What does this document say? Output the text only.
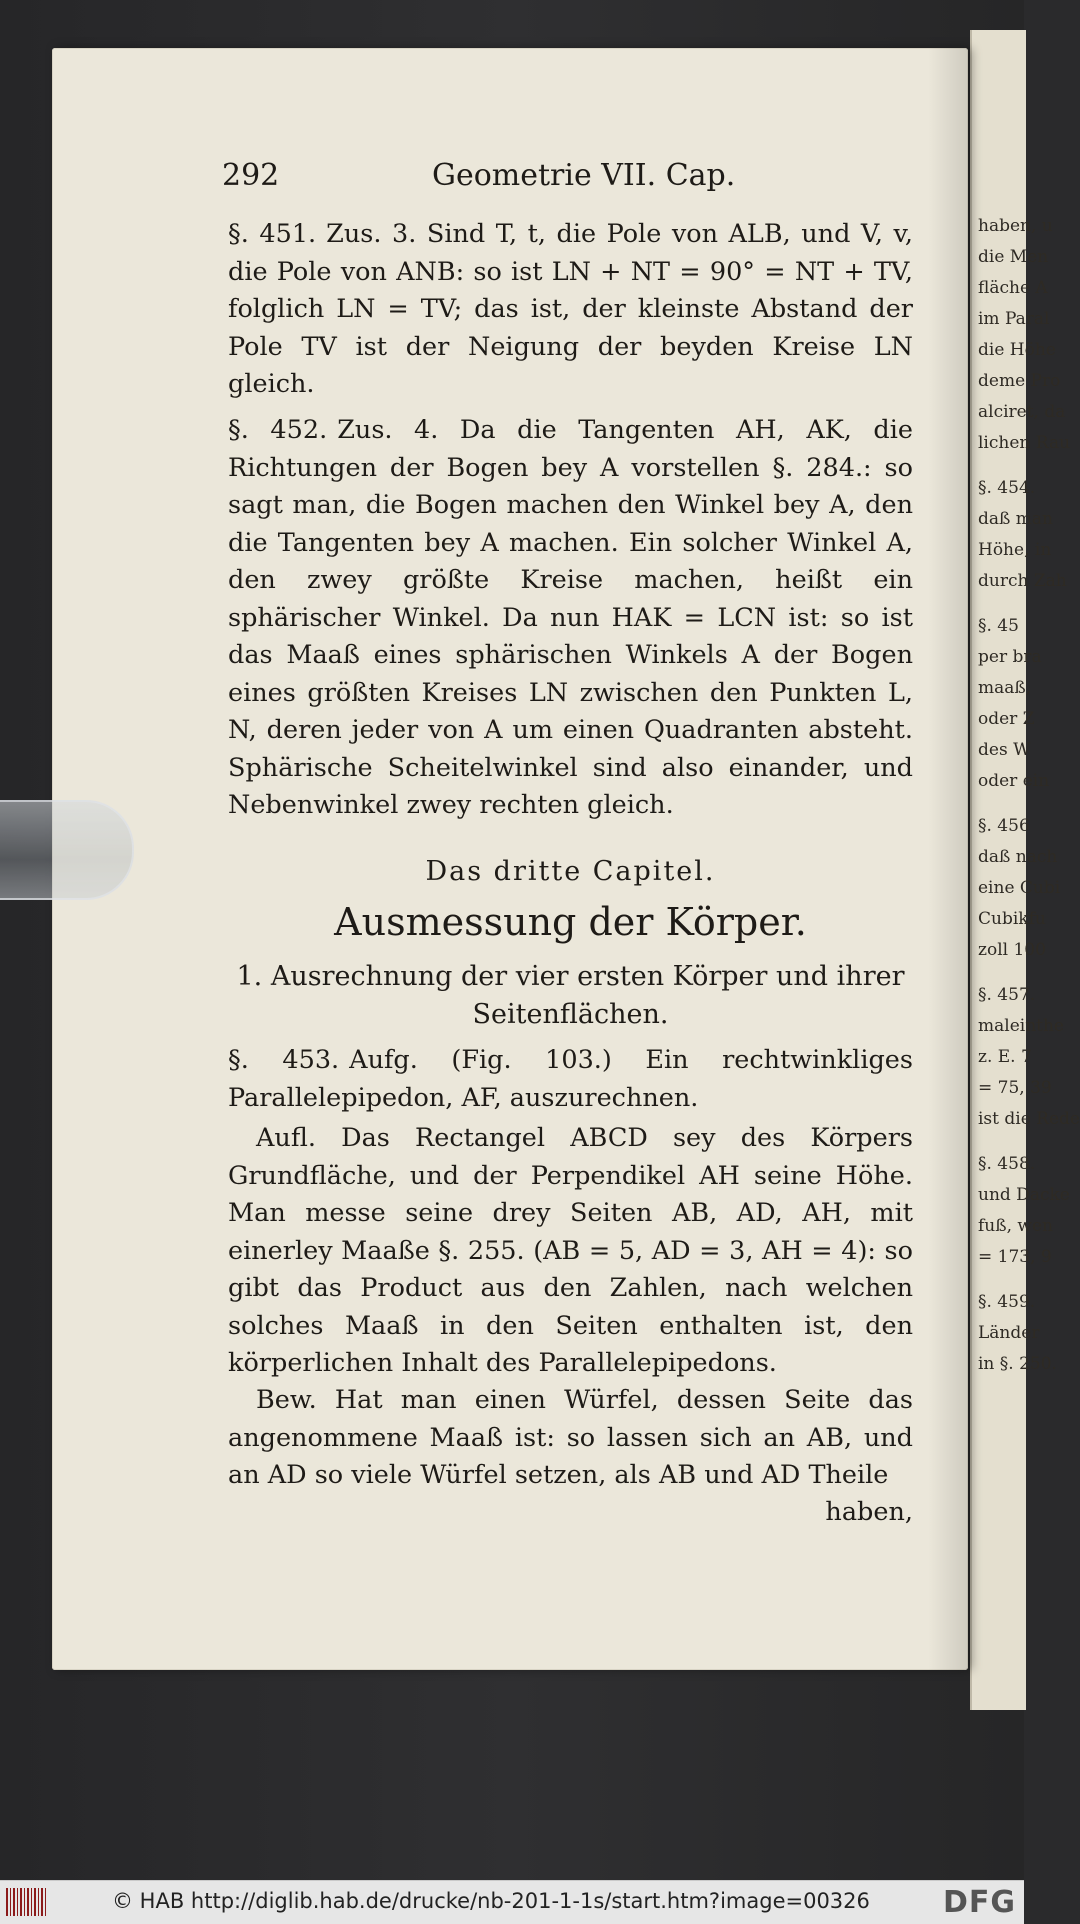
haben, u
die Men
fläche A
im Paral
die Höhe
deme Pro
alciret, da
lichen Rau
§. 454.
daß man
Höhe, in
durch Zah
§. 45
per bra
maaß,
oder Z
des W
oder ein
§. 456
daß nach
eine Cubi
Cubikfu
zoll 100
§. 457.
maleinthe
z. E. 7
= 75, 39
ist die Rede
§. 458.
und Dacke
fuß, wen
= 173, 9
§. 459.
Länder
in §. 250.
292	Geometrie VII. Cap.
§. 451. Zus. 3. Sind T, t, die Pole von ALB, und V, v, die Pole von ANB: so ist LN + NT = 90° = NT + TV, folglich LN = TV; das ist, der kleinste Abstand der Pole TV ist der Neigung der beyden Kreise LN gleich.
§. 452. Zus. 4. Da die Tangenten AH, AK, die Richtungen der Bogen bey A vorstellen §. 284.: so sagt man, die Bogen machen den Winkel bey A, den die Tangenten bey A machen. Ein solcher Winkel A, den zwey größte Kreise machen, heißt ein sphärischer Winkel. Da nun HAK = LCN ist: so ist das Maaß eines sphärischen Winkels A der Bogen eines größten Kreises LN zwischen den Punkten L, N, deren jeder von A um einen Quadranten absteht. Sphärische Scheitelwinkel sind also einander, und Nebenwinkel zwey rechten gleich.
Das dritte Capitel.
Ausmessung der Körper.
1. Ausrechnung der vier ersten Körper und ihrer Seitenflächen.
§. 453. Aufg. (Fig. 103.) Ein rechtwinkliges Parallelepipedon, AF, auszurechnen.
Aufl. Das Rectangel ABCD sey des Körpers Grundfläche, und der Perpendikel AH seine Höhe. Man messe seine drey Seiten AB, AD, AH, mit einerley Maaße §. 255. (AB = 5, AD = 3, AH = 4): so gibt das Product aus den Zahlen, nach welchen solches Maaß in den Seiten enthalten ist, den körperlichen Inhalt des Parallelepipedons.
Bew. Hat man einen Würfel, dessen Seite das angenommene Maaß ist: so lassen sich an AB, und an AD so viele Würfel setzen, als AB und AD Theile
haben,
© HAB http://diglib.hab.de/drucke/nb-201-1-1s/start.htm?image=00326 DFG
